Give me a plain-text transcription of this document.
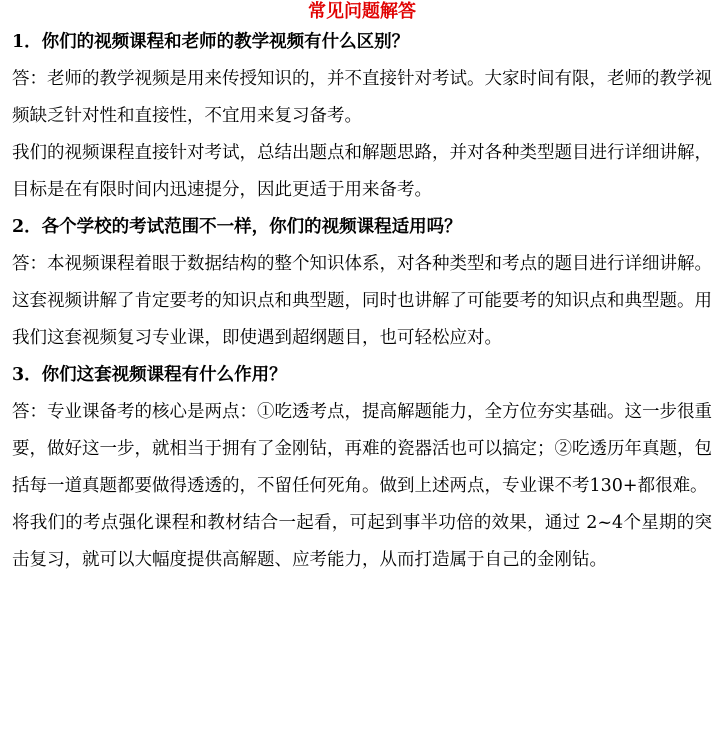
常见问题解答

1．你们的视频课程和老师的教学视频有什么区别？

答：老师的教学视频是用来传授知识的，并不直接针对考试。大家时间有限，老师的教学视频缺乏针对性和直接性，不宜用来复习备考。

我们的视频课程直接针对考试，总结出题点和解题思路，并对各种类型题目进行详细讲解，目标是在有限时间内迅速提分，因此更适于用来备考。

2．各个学校的考试范围不一样，你们的视频课程适用吗？

答：本视频课程着眼于数据结构的整个知识体系，对各种类型和考点的题目进行详细讲解。这套视频讲解了肯定要考的知识点和典型题，同时也讲解了可能要考的知识点和典型题。用我们这套视频复习专业课，即使遇到超纲题目，也可轻松应对。

3．你们这套视频课程有什么作用？

答：专业课备考的核心是两点：①吃透考点，提高解题能力，全方位夯实基础。这一步很重要，做好这一步，就相当于拥有了金刚钻，再难的瓷器活也可以搞定；②吃透历年真题，包括每一道真题都要做得透透的，不留任何死角。做到上述两点，专业课不考130+都很难。

将我们的考点强化课程和教材结合一起看，可起到事半功倍的效果，通过 2~4个星期的突击复习，就可以大幅度提供高解题、应考能力，从而打造属于自己的金刚钻。
